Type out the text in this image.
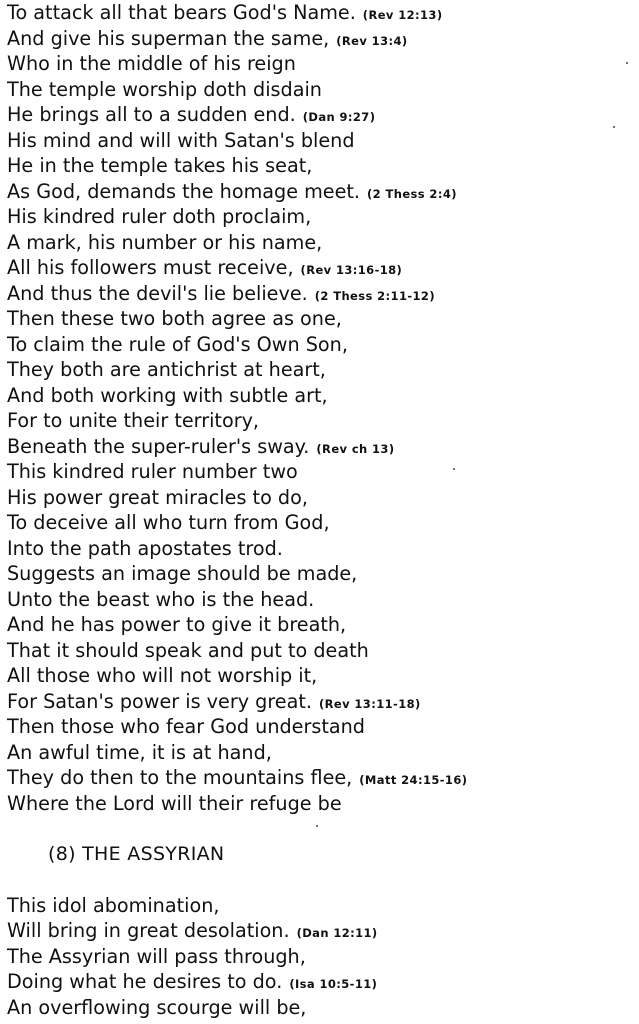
To attack all that bears God's Name. (Rev 12:13)
And give his superman the same, (Rev 13:4)
Who in the middle of his reign
The temple worship doth disdain
He brings all to a sudden end. (Dan 9:27)
His mind and will with Satan's blend
He in the temple takes his seat,
As God, demands the homage meet. (2 Thess 2:4)
His kindred ruler doth proclaim,
A mark, his number or his name,
All his followers must receive, (Rev 13:16-18)
And thus the devil's lie believe. (2 Thess 2:11-12)
Then these two both agree as one,
To claim the rule of God's Own Son,
They both are antichrist at heart,
And both working with subtle art,
For to unite their territory,
Beneath the super-ruler's sway. (Rev ch 13)
This kindred ruler number two
His power great miracles to do,
To deceive all who turn from God,
Into the path apostates trod.
Suggests an image should be made,
Unto the beast who is the head.
And he has power to give it breath,
That it should speak and put to death
All those who will not worship it,
For Satan's power is very great. (Rev 13:11-18)
Then those who fear God understand
An awful time, it is at hand,
They do then to the mountains flee, (Matt 24:15-16)
Where the Lord will their refuge be
(8) THE ASSYRIAN
This idol abomination,
Will bring in great desolation. (Dan 12:11)
The Assyrian will pass through,
Doing what he desires to do. (Isa 10:5-11)
An overflowing scourge will be,
